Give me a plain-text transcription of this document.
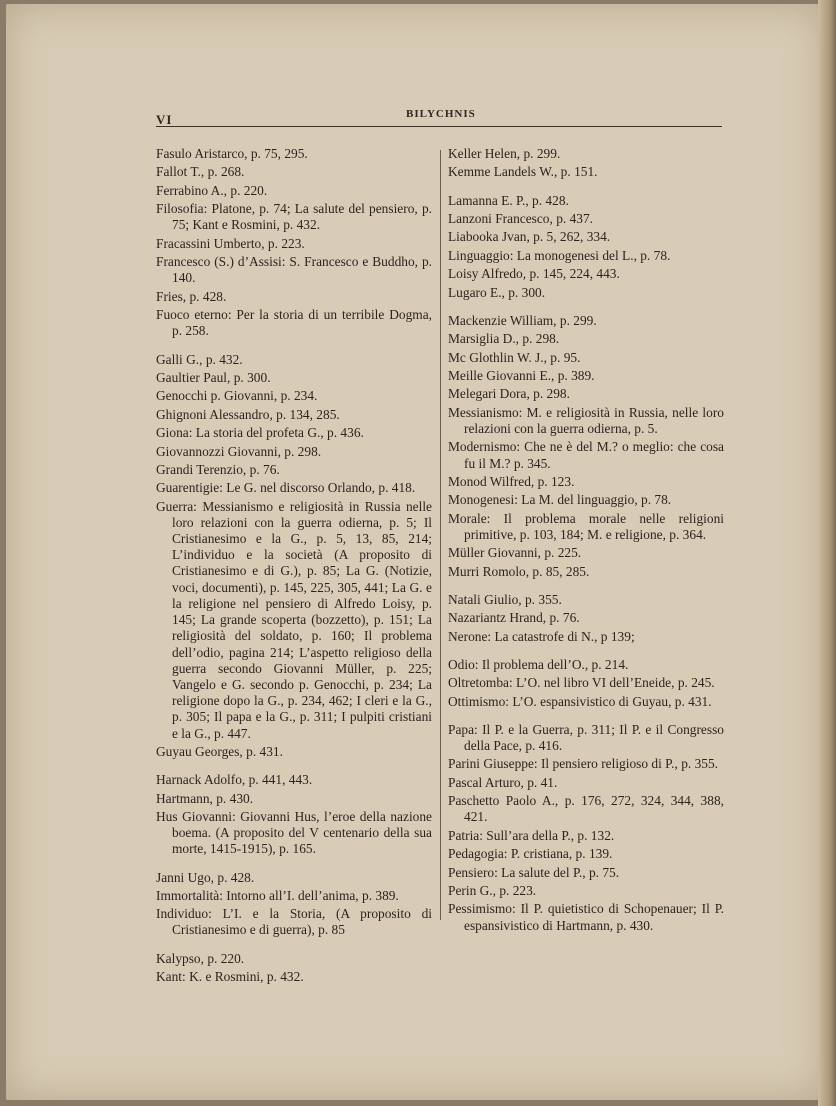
VI	BILYCHNIS
Fasulo Aristarco, p. 75, 295.
Fallot T., p. 268.
Ferrabino A., p. 220.
Filosofia: Platone, p. 74; La salute del pensiero, p. 75; Kant e Rosmini, p. 432.
Fracassini Umberto, p. 223.
Francesco (S.) d’Assisi: S. Francesco e Buddho, p. 140.
Fries, p. 428.
Fuoco eterno: Per la storia di un terribile Dogma, p. 258.
Galli G., p. 432.
Gaultier Paul, p. 300.
Genocchi p. Giovanni, p. 234.
Ghignoni Alessandro, p. 134, 285.
Giona: La storia del profeta G., p. 436.
Giovannozzi Giovanni, p. 298.
Grandi Terenzio, p. 76.
Guarentigie: Le G. nel discorso Orlando, p. 418.
Guerra: Messianismo e religiosità in Russia nelle loro relazioni con la guerra odierna, p. 5; Il Cristianesimo e la G., p. 5, 13, 85, 214; L’individuo e la società (A proposito di Cristianesimo e di G.), p. 85; La G. (Notizie, voci, documenti), p. 145, 225, 305, 441; La G. e la religione nel pensiero di Alfredo Loisy, p. 145; La grande scoperta (bozzetto), p. 151; La religiosità del soldato, p. 160; Il problema dell’odio, pagina 214; L’aspetto religioso della guerra secondo Giovanni Müller, p. 225; Vangelo e G. secondo p. Genocchi, p. 234; La religione dopo la G., p. 234, 462; I cleri e la G., p. 305; Il papa e la G., p. 311; I pulpiti cristiani e la G., p. 447.
Guyau Georges, p. 431.
Harnack Adolfo, p. 441, 443.
Hartmann, p. 430.
Hus Giovanni: Giovanni Hus, l’eroe della nazione boema. (A proposito del V centenario della sua morte, 1415-1915), p. 165.
Janni Ugo, p. 428.
Immortalità: Intorno all’I. dell’anima, p. 389.
Individuo: L’I. e la Storia, (A proposito di Cristianesimo e di guerra), p. 85
Kalypso, p. 220.
Kant: K. e Rosmini, p. 432.
Keller Helen, p. 299.
Kemme Landels W., p. 151.
Lamanna E. P., p. 428.
Lanzoni Francesco, p. 437.
Liabooka Jvan, p. 5, 262, 334.
Linguaggio: La monogenesi del L., p. 78.
Loisy Alfredo, p. 145, 224, 443.
Lugaro E., p. 300.
Mackenzie William, p. 299.
Marsiglia D., p. 298.
Mc Glothlin W. J., p. 95.
Meille Giovanni E., p. 389.
Melegari Dora, p. 298.
Messianismo: M. e religiosità in Russia, nelle loro relazioni con la guerra odierna, p. 5.
Modernismo: Che ne è del M.? o meglio: che cosa fu il M.? p. 345.
Monod Wilfred, p. 123.
Monogenesi: La M. del linguaggio, p. 78.
Morale: Il problema morale nelle religioni primitive, p. 103, 184; M. e religione, p. 364.
Müller Giovanni, p. 225.
Murri Romolo, p. 85, 285.
Natali Giulio, p. 355.
Nazariantz Hrand, p. 76.
Nerone: La catastrofe di N., p 139;
Odio: Il problema dell’O., p. 214.
Oltretomba: L’O. nel libro VI dell’Eneide, p. 245.
Ottimismo: L’O. espansivistico di Guyau, p. 431.
Papa: Il P. e la Guerra, p. 311; Il P. e il Congresso della Pace, p. 416.
Parini Giuseppe: Il pensiero religioso di P., p. 355.
Pascal Arturo, p. 41.
Paschetto Paolo A., p. 176, 272, 324, 344, 388, 421.
Patria: Sull’ara della P., p. 132.
Pedagogia: P. cristiana, p. 139.
Pensiero: La salute del P., p. 75.
Perin G., p. 223.
Pessimismo: Il P. quietistico di Schopenauer; Il P. espansivistico di Hartmann, p. 430.
